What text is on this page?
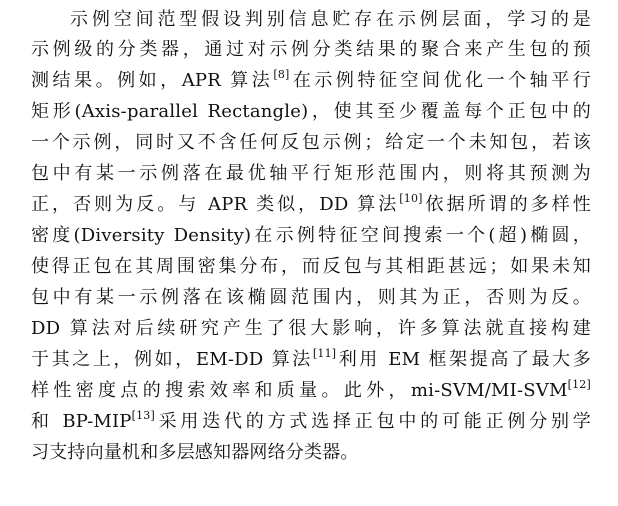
示例空间范型假设判别信息贮存在示例层面，学习的是
示例级的分类器，通过对示例分类结果的聚合来产生包的预
测结果。例如，APR 算法[8]在示例特征空间优化一个轴平行
矩形(Axis-parallel Rectangle)，使其至少覆盖每个正包中的
一个示例，同时又不含任何反包示例；给定一个未知包，若该
包中有某一示例落在最优轴平行矩形范围内，则将其预测为
正，否则为反。与 APR 类似，DD 算法[10]依据所谓的多样性
密度(Diversity Density)在示例特征空间搜索一个(超)椭圆，
使得正包在其周围密集分布，而反包与其相距甚远；如果未知
包中有某一示例落在该椭圆范围内，则其为正，否则为反。
DD 算法对后续研究产生了很大影响，许多算法就直接构建
于其之上，例如，EM-DD 算法[11]利用 EM 框架提高了最大多
样性密度点的搜索效率和质量。此外，mi-SVM/MI-SVM[12]
和 BP-MIP[13]采用迭代的方式选择正包中的可能正例分别学
习支持向量机和多层感知器网络分类器。
